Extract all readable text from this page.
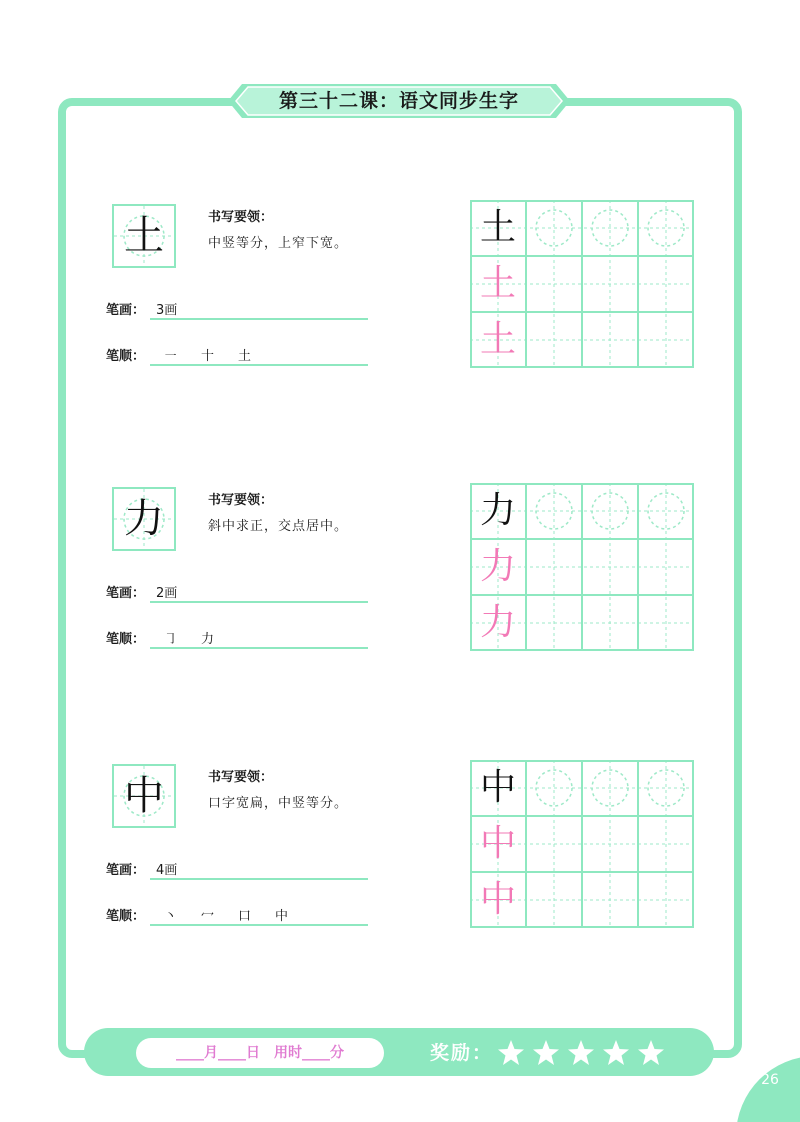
第三十二课：语文同步生字
土	书写要领：
中竖等分，上窄下宽。
笔画： 3画
笔顺： ㇐ 十 土
土
土
土
力	书写要领：
斜中求正，交点居中。
笔画： 2画
笔顺： ㇆ 力
力
力
力
中	书写要领：
口字宽扁，中竖等分。
笔画： 4画
笔顺： 丶 冖 口 中
中
中
中
____月____日　用时____分	奖励：
26
